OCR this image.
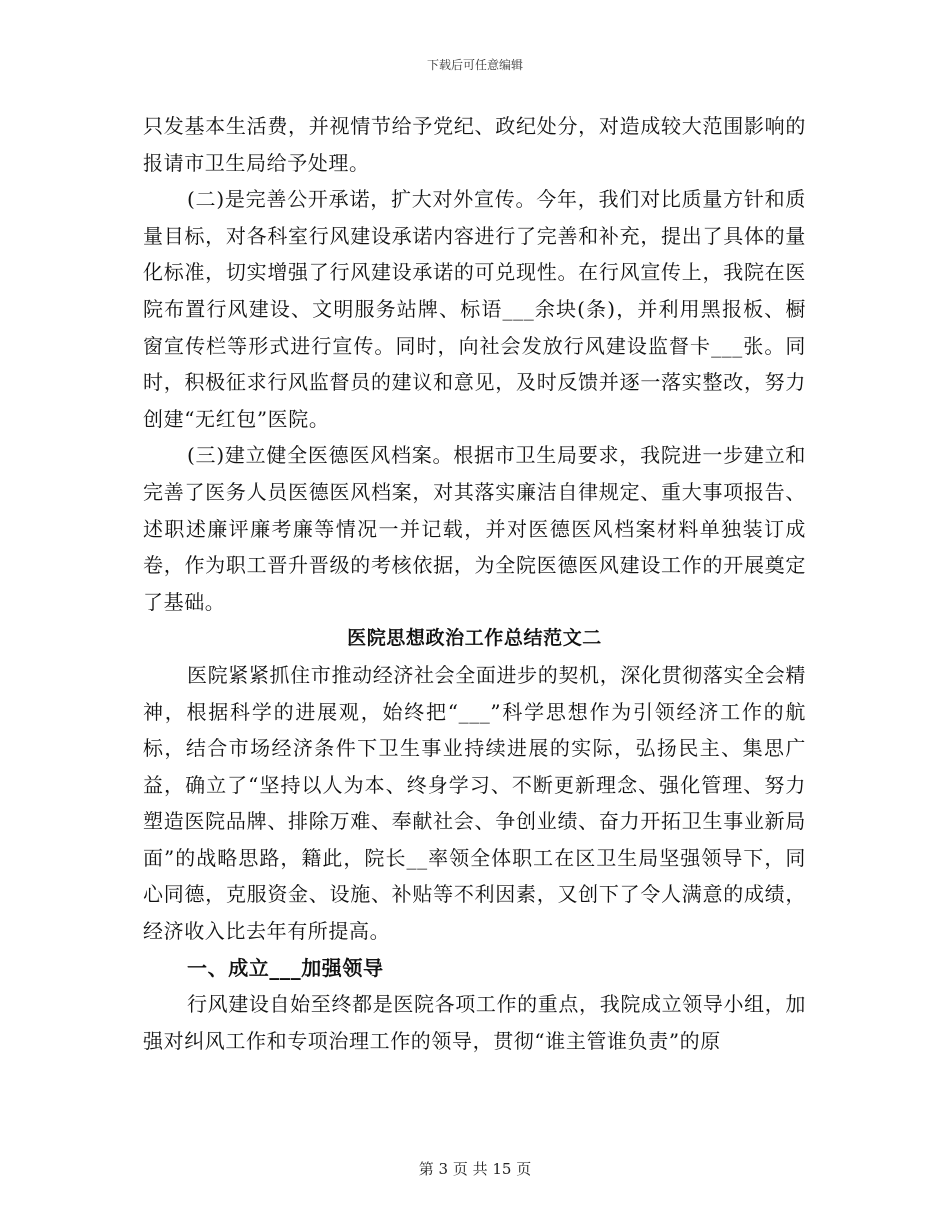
下载后可任意编辑

只发基本生活费，并视情节给予党纪、政纪处分，对造成较大范围影响的报请市卫生局给予处理。

(二)是完善公开承诺，扩大对外宣传。今年，我们对比质量方针和质量目标，对各科室行风建设承诺内容进行了完善和补充，提出了具体的量化标准，切实增强了行风建设承诺的可兑现性。在行风宣传上，我院在医院布置行风建设、文明服务站牌、标语___余块(条)，并利用黑报板、橱窗宣传栏等形式进行宣传。同时，向社会发放行风建设监督卡___张。同时，积极征求行风监督员的建议和意见，及时反馈并逐一落实整改，努力创建“无红包”医院。

(三)建立健全医德医风档案。根据市卫生局要求，我院进一步建立和完善了医务人员医德医风档案，对其落实廉洁自律规定、重大事项报告、述职述廉评廉考廉等情况一并记载，并对医德医风档案材料单独装订成卷，作为职工晋升晋级的考核依据，为全院医德医风建设工作的开展奠定了基础。

医院思想政治工作总结范文二

医院紧紧抓住市推动经济社会全面进步的契机，深化贯彻落实全会精神，根据科学的进展观，始终把“___”科学思想作为引领经济工作的航标，结合市场经济条件下卫生事业持续进展的实际，弘扬民主、集思广益，确立了“坚持以人为本、终身学习、不断更新理念、强化管理、努力塑造医院品牌、排除万难、奉献社会、争创业绩、奋力开拓卫生事业新局面”的战略思路，籍此，院长__率领全体职工在区卫生局坚强领导下，同心同德，克服资金、设施、补贴等不利因素，又创下了令人满意的成绩，经济收入比去年有所提高。

一、成立___加强领导

行风建设自始至终都是医院各项工作的重点，我院成立领导小组，加强对纠风工作和专项治理工作的领导，贯彻“谁主管谁负责”的原

第 3 页 共 15 页
